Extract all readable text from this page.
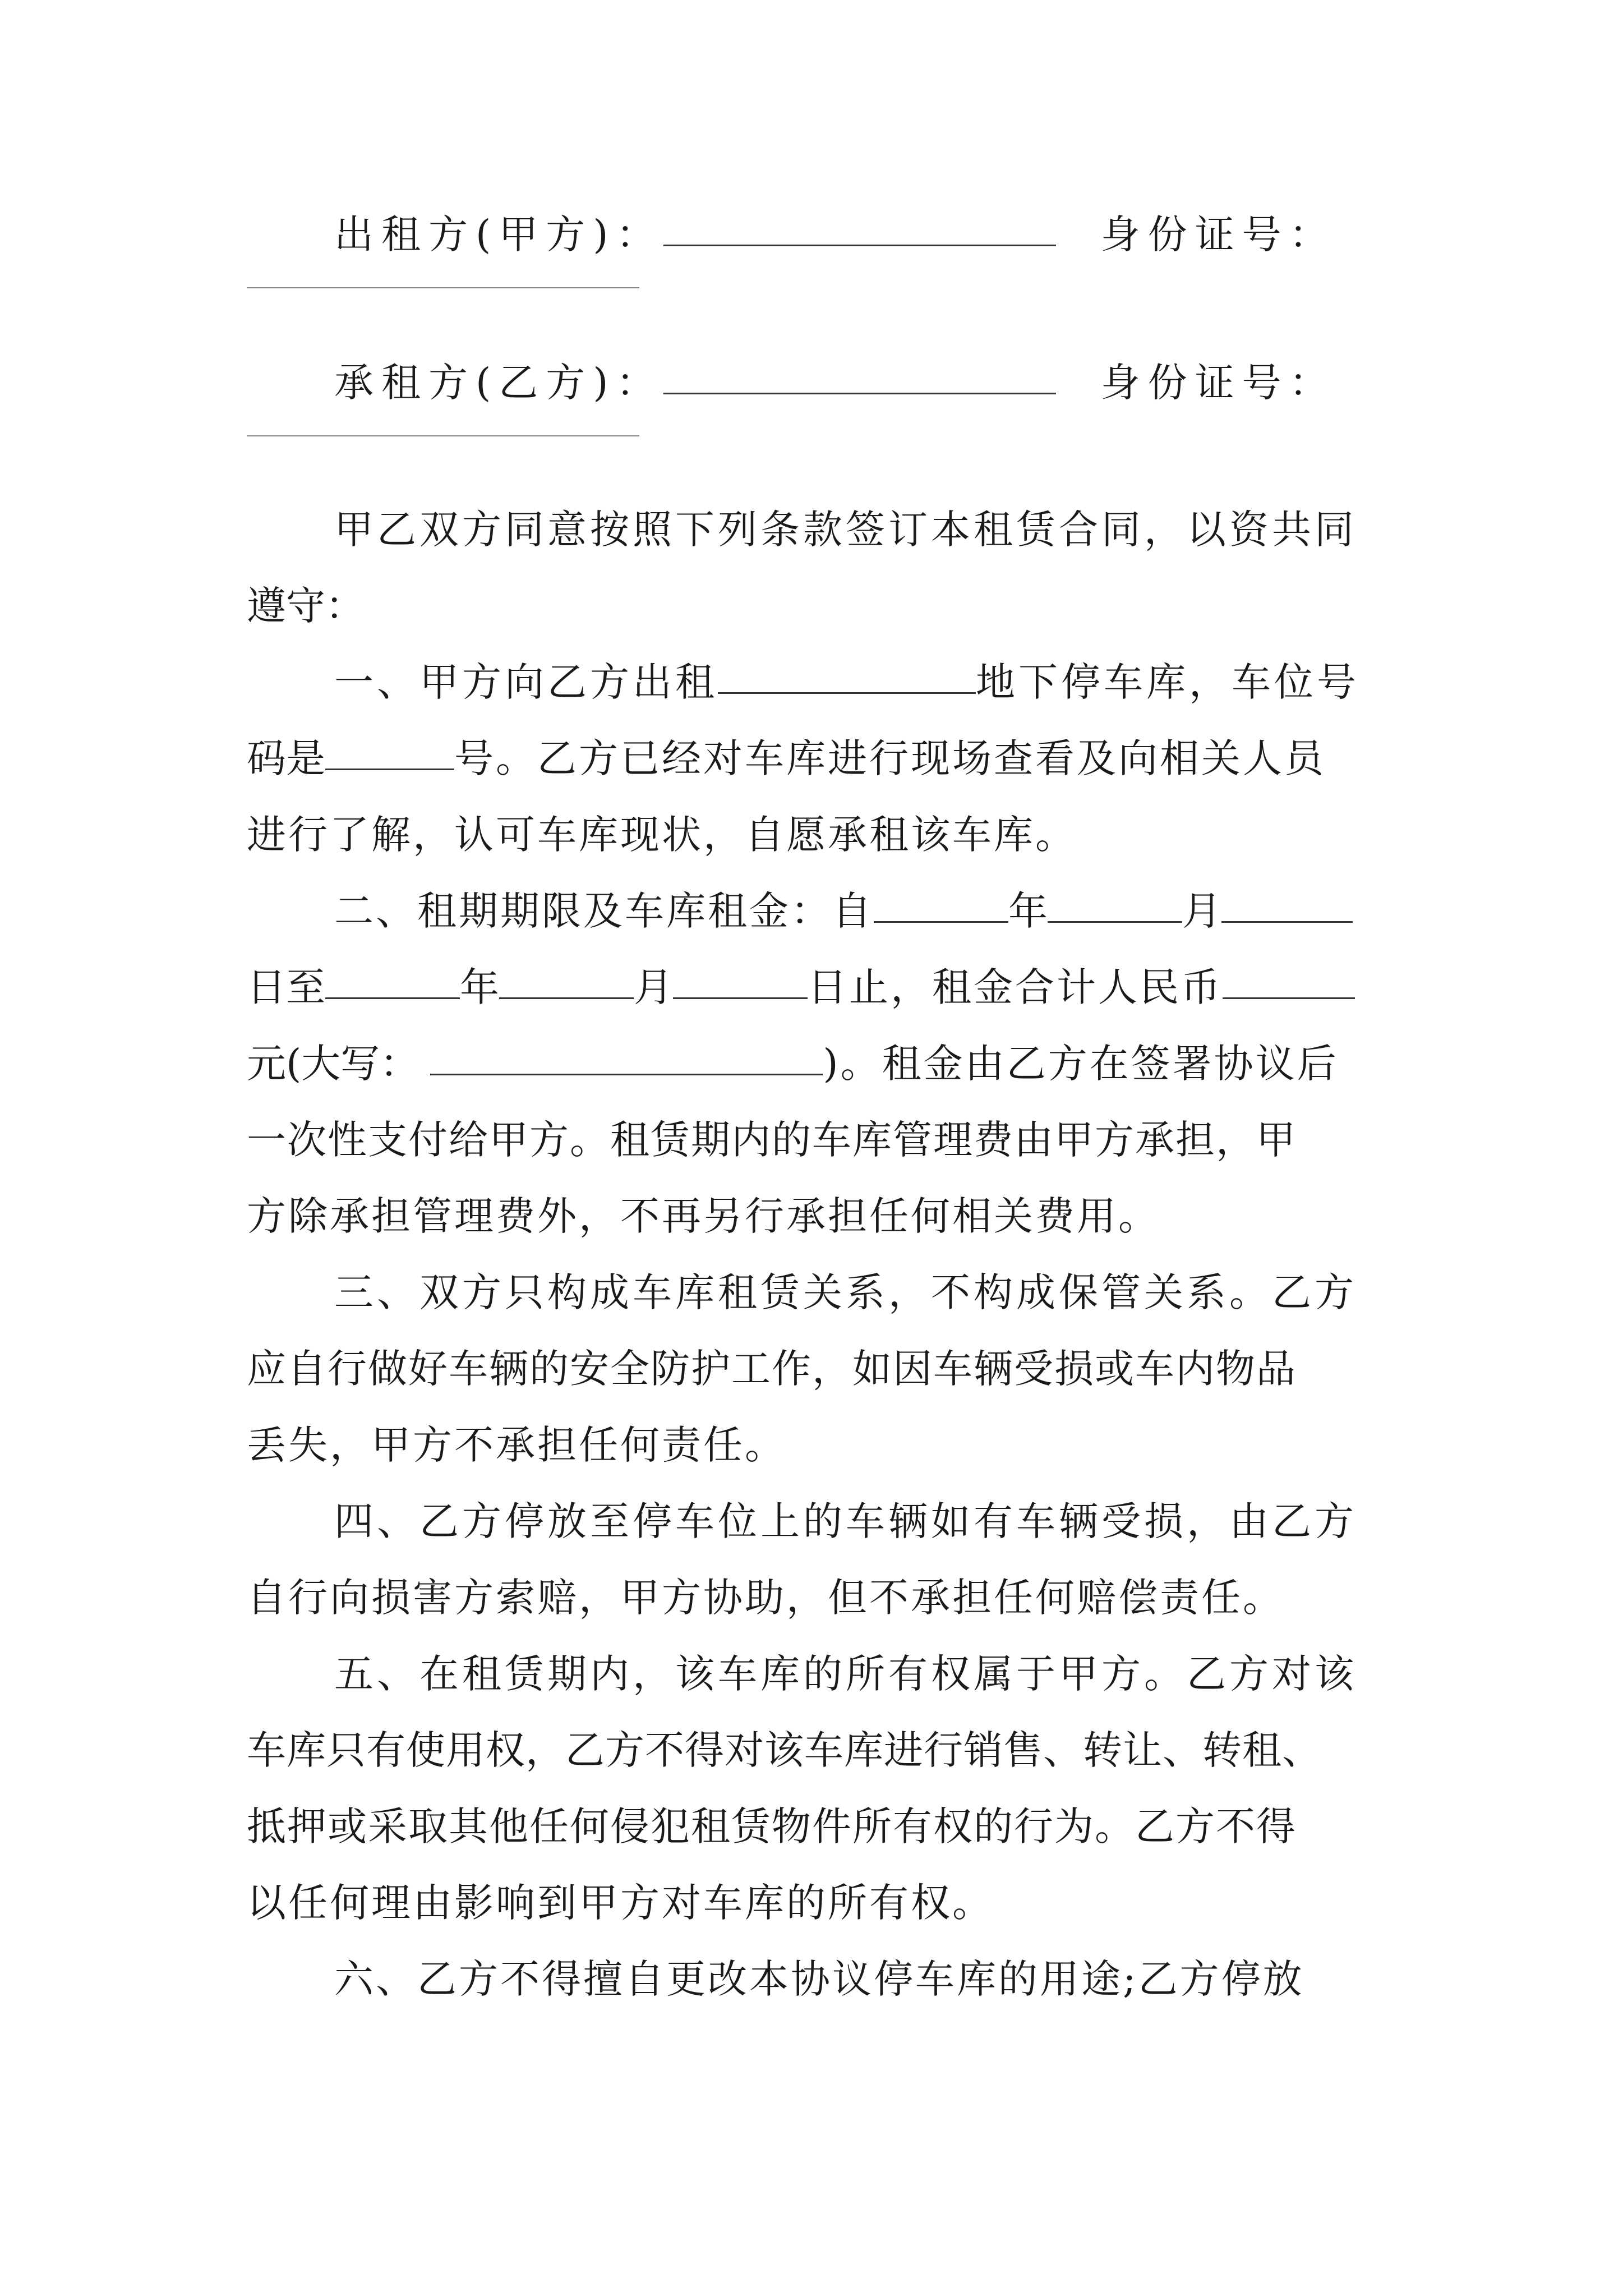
出租方(甲方)：	身份证号：
承租方(乙方)：	身份证号：
甲乙双方同意按照下列条款签订本租赁合同，以资共同
遵守：
一、甲方向乙方出租	地下停车库，车位号
码是	号。乙方已经对车库进行现场查看及向相关人员
进行了解，认可车库现状，自愿承租该车库。
二、租期期限及车库租金：自	年	月
日至	年	月	日止，租金合计人民币
元(大写：	)。租金由乙方在签署协议后
一次性支付给甲方。租赁期内的车库管理费由甲方承担，甲
方除承担管理费外，不再另行承担任何相关费用。
三、双方只构成车库租赁关系，不构成保管关系。乙方
应自行做好车辆的安全防护工作，如因车辆受损或车内物品
丢失，甲方不承担任何责任。
四、乙方停放至停车位上的车辆如有车辆受损，由乙方
自行向损害方索赔，甲方协助，但不承担任何赔偿责任。
五、在租赁期内，该车库的所有权属于甲方。乙方对该
车库只有使用权，乙方不得对该车库进行销售、转让、转租、
抵押或采取其他任何侵犯租赁物件所有权的行为。乙方不得
以任何理由影响到甲方对车库的所有权。
六、乙方不得擅自更改本协议停车库的用途;乙方停放
